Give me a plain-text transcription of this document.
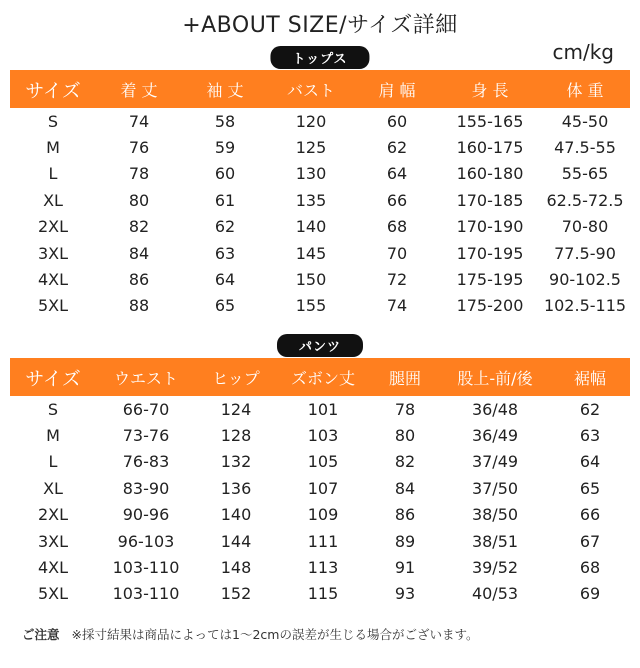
+ABOUT SIZE/サイズ詳細
トップス	cm/kg
サイズ	着 丈	袖 丈	バスト	肩 幅	身 長	体 重
S	74	58	120	60	155-165	45-50
M	76	59	125	62	160-175	47.5-55
L	78	60	130	64	160-180	55-65
XL	80	61	135	66	170-185	62.5-72.5
2XL	82	62	140	68	170-190	70-80
3XL	84	63	145	70	170-195	77.5-90
4XL	86	64	150	72	175-195	90-102.5
5XL	88	65	155	74	175-200	102.5-115
パンツ
サイズ	ウエスト	ヒップ	ズボン丈	腿囲	股上-前/後	裾幅
S	66-70	124	101	78	36/48	62
M	73-76	128	103	80	36/49	63
L	76-83	132	105	82	37/49	64
XL	83-90	136	107	84	37/50	65
2XL	90-96	140	109	86	38/50	66
3XL	96-103	144	111	89	38/51	67
4XL	103-110	148	113	91	39/52	68
5XL	103-110	152	115	93	40/53	69
ご注意 ※採寸結果は商品によっては1～2cmの誤差が生じる場合がございます。
